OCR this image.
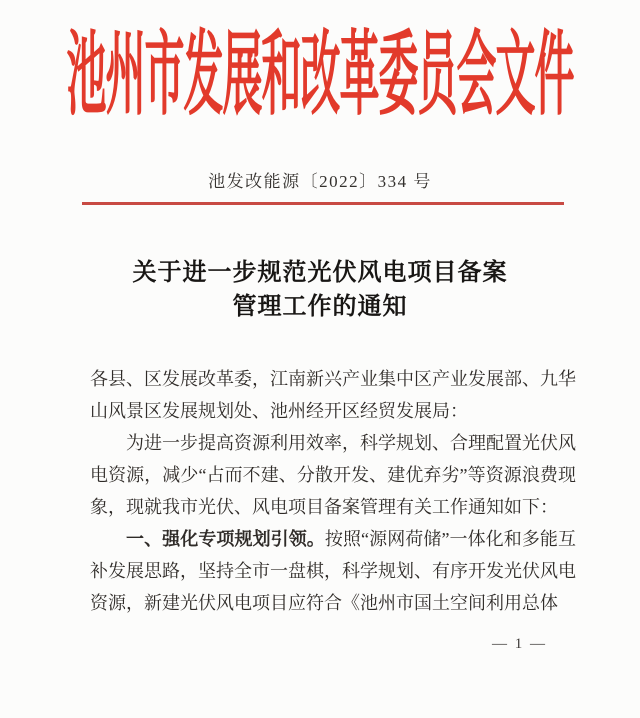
池州市发展和改革委员会文件
池发改能源〔2022〕334 号
关于进一步规范光伏风电项目备案
管理工作的通知

各县、区发展改革委，江南新兴产业集中区产业发展部、九华山风景区发展规划处、池州经开区经贸发展局：

为进一步提高资源利用效率，科学规划、合理配置光伏风电资源，减少“占而不建、分散开发、建优弃劣”等资源浪费现象，现就我市光伏、风电项目备案管理有关工作通知如下：

一、强化专项规划引领。按照“源网荷储”一体化和多能互补发展思路，坚持全市一盘棋，科学规划、有序开发光伏风电资源，新建光伏风电项目应符合《池州市国土空间利用总体

— 1 —
